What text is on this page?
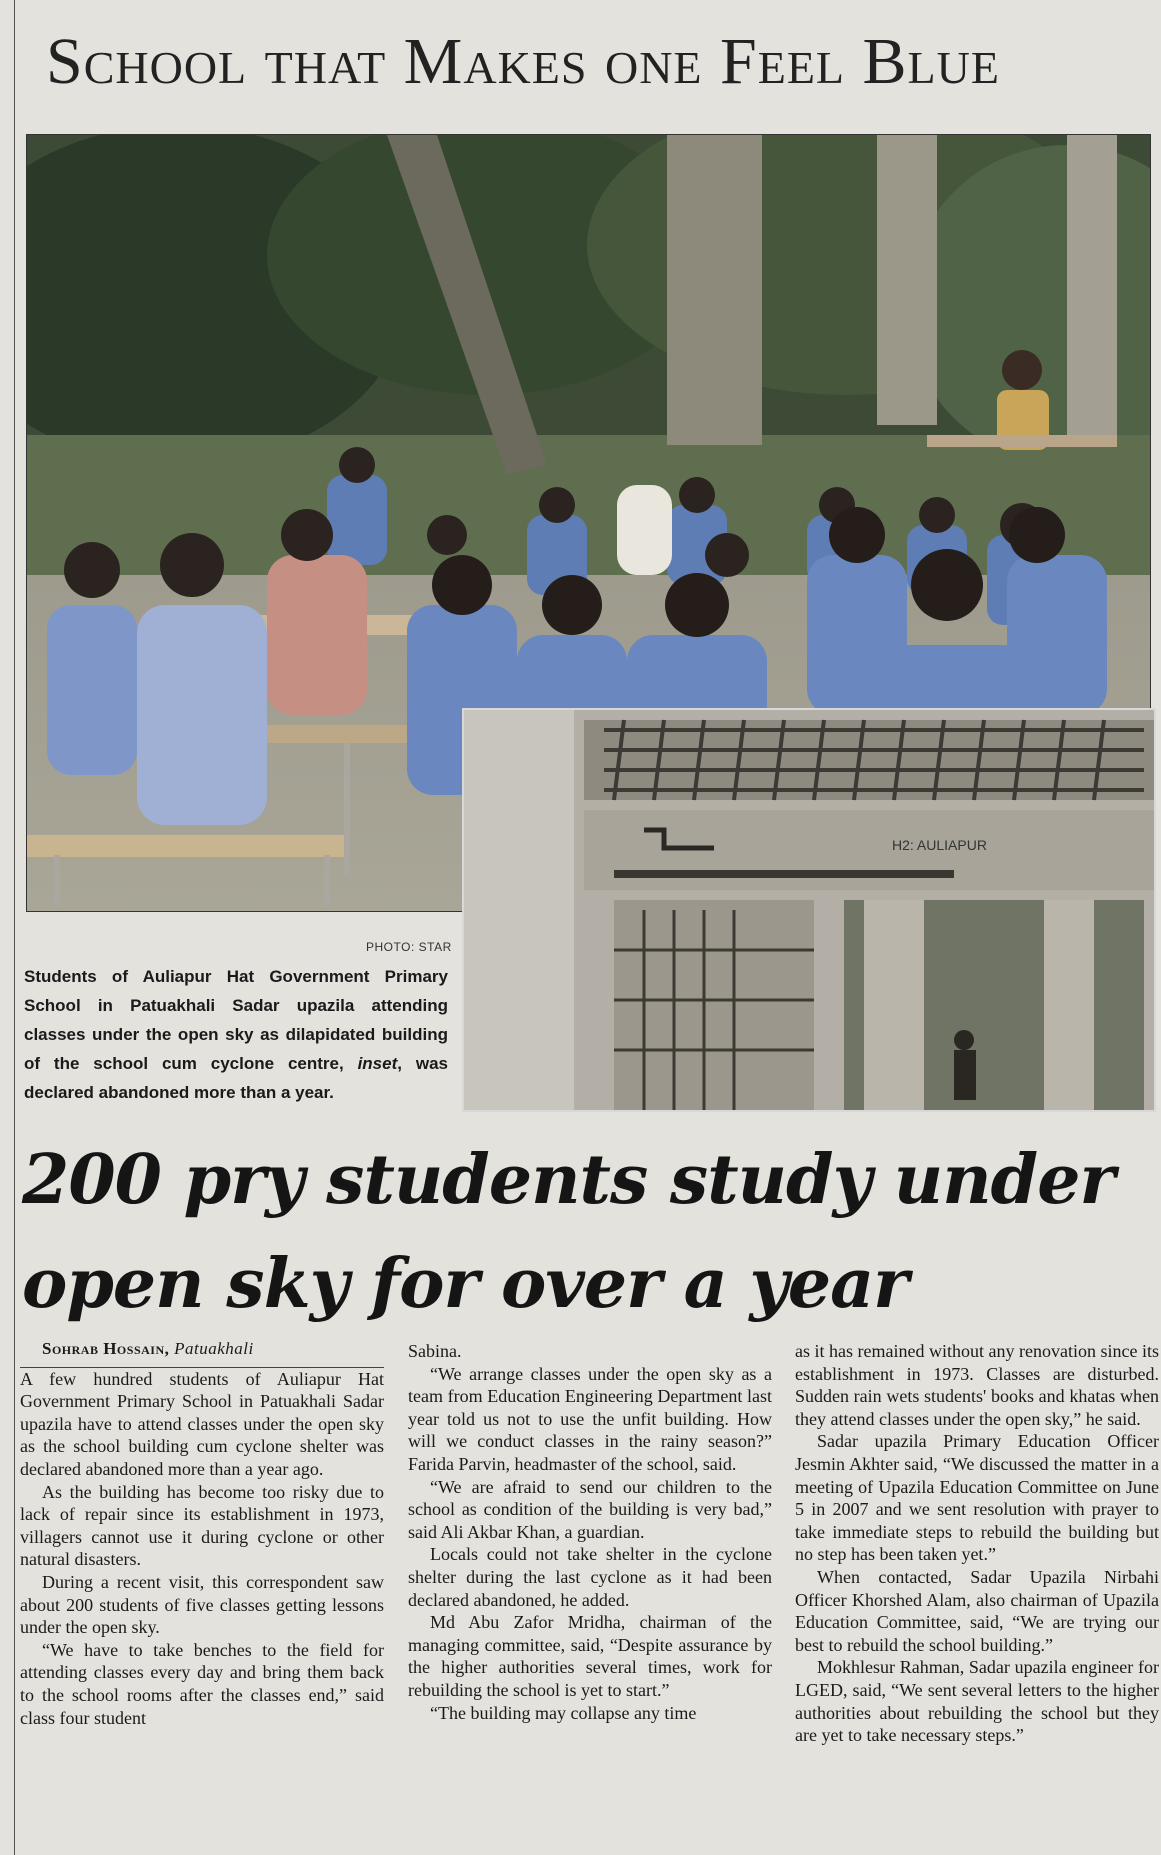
School that Makes one Feel Blue
H2: AULIAPUR
PHOTO: STAR
Students of Auliapur Hat Government Primary School in Patuakhali Sadar upazila attending classes under the open sky as dilapidated building of the school cum cyclone centre, inset, was declared abandoned more than a year.
200 pry students study under open sky for over a year

Sohrab Hossain, Patuakhali

A few hundred students of Auliapur Hat Government Primary School in Patuakhali Sadar upazila have to attend classes under the open sky as the school building cum cyclone shelter was declared abandoned more than a year ago.

As the building has become too risky due to lack of repair since its establishment in 1973, villagers cannot use it during cyclone or other natural disasters.

During a recent visit, this correspondent saw about 200 students of five classes getting lessons under the open sky.

“We have to take benches to the field for attending classes every day and bring them back to the school rooms after the classes end,” said class four student

Sabina.

“We arrange classes under the open sky as a team from Education Engineering Department last year told us not to use the unfit building. How will we conduct classes in the rainy season?” Farida Parvin, headmaster of the school, said.

“We are afraid to send our children to the school as condition of the building is very bad,” said Ali Akbar Khan, a guardian.

Locals could not take shelter in the cyclone shelter during the last cyclone as it had been declared abandoned, he added.

Md Abu Zafor Mridha, chairman of the managing committee, said, “Despite assurance by the higher authorities several times, work for rebuilding the school is yet to start.”

“The building may collapse any time

as it has remained without any renovation since its establishment in 1973. Classes are disturbed. Sudden rain wets students' books and khatas when they attend classes under the open sky,” he said.

Sadar upazila Primary Education Officer Jesmin Akhter said, “We discussed the matter in a meeting of Upazila Education Committee on June 5 in 2007 and we sent resolution with prayer to take immediate steps to rebuild the building but no step has been taken yet.”

When contacted, Sadar Upazila Nirbahi Officer Khorshed Alam, also chairman of Upazila Education Committee, said, “We are trying our best to rebuild the school building.”

Mokhlesur Rahman, Sadar upazila engineer for LGED, said, “We sent several letters to the higher authorities about rebuilding the school but they are yet to take necessary steps.”
